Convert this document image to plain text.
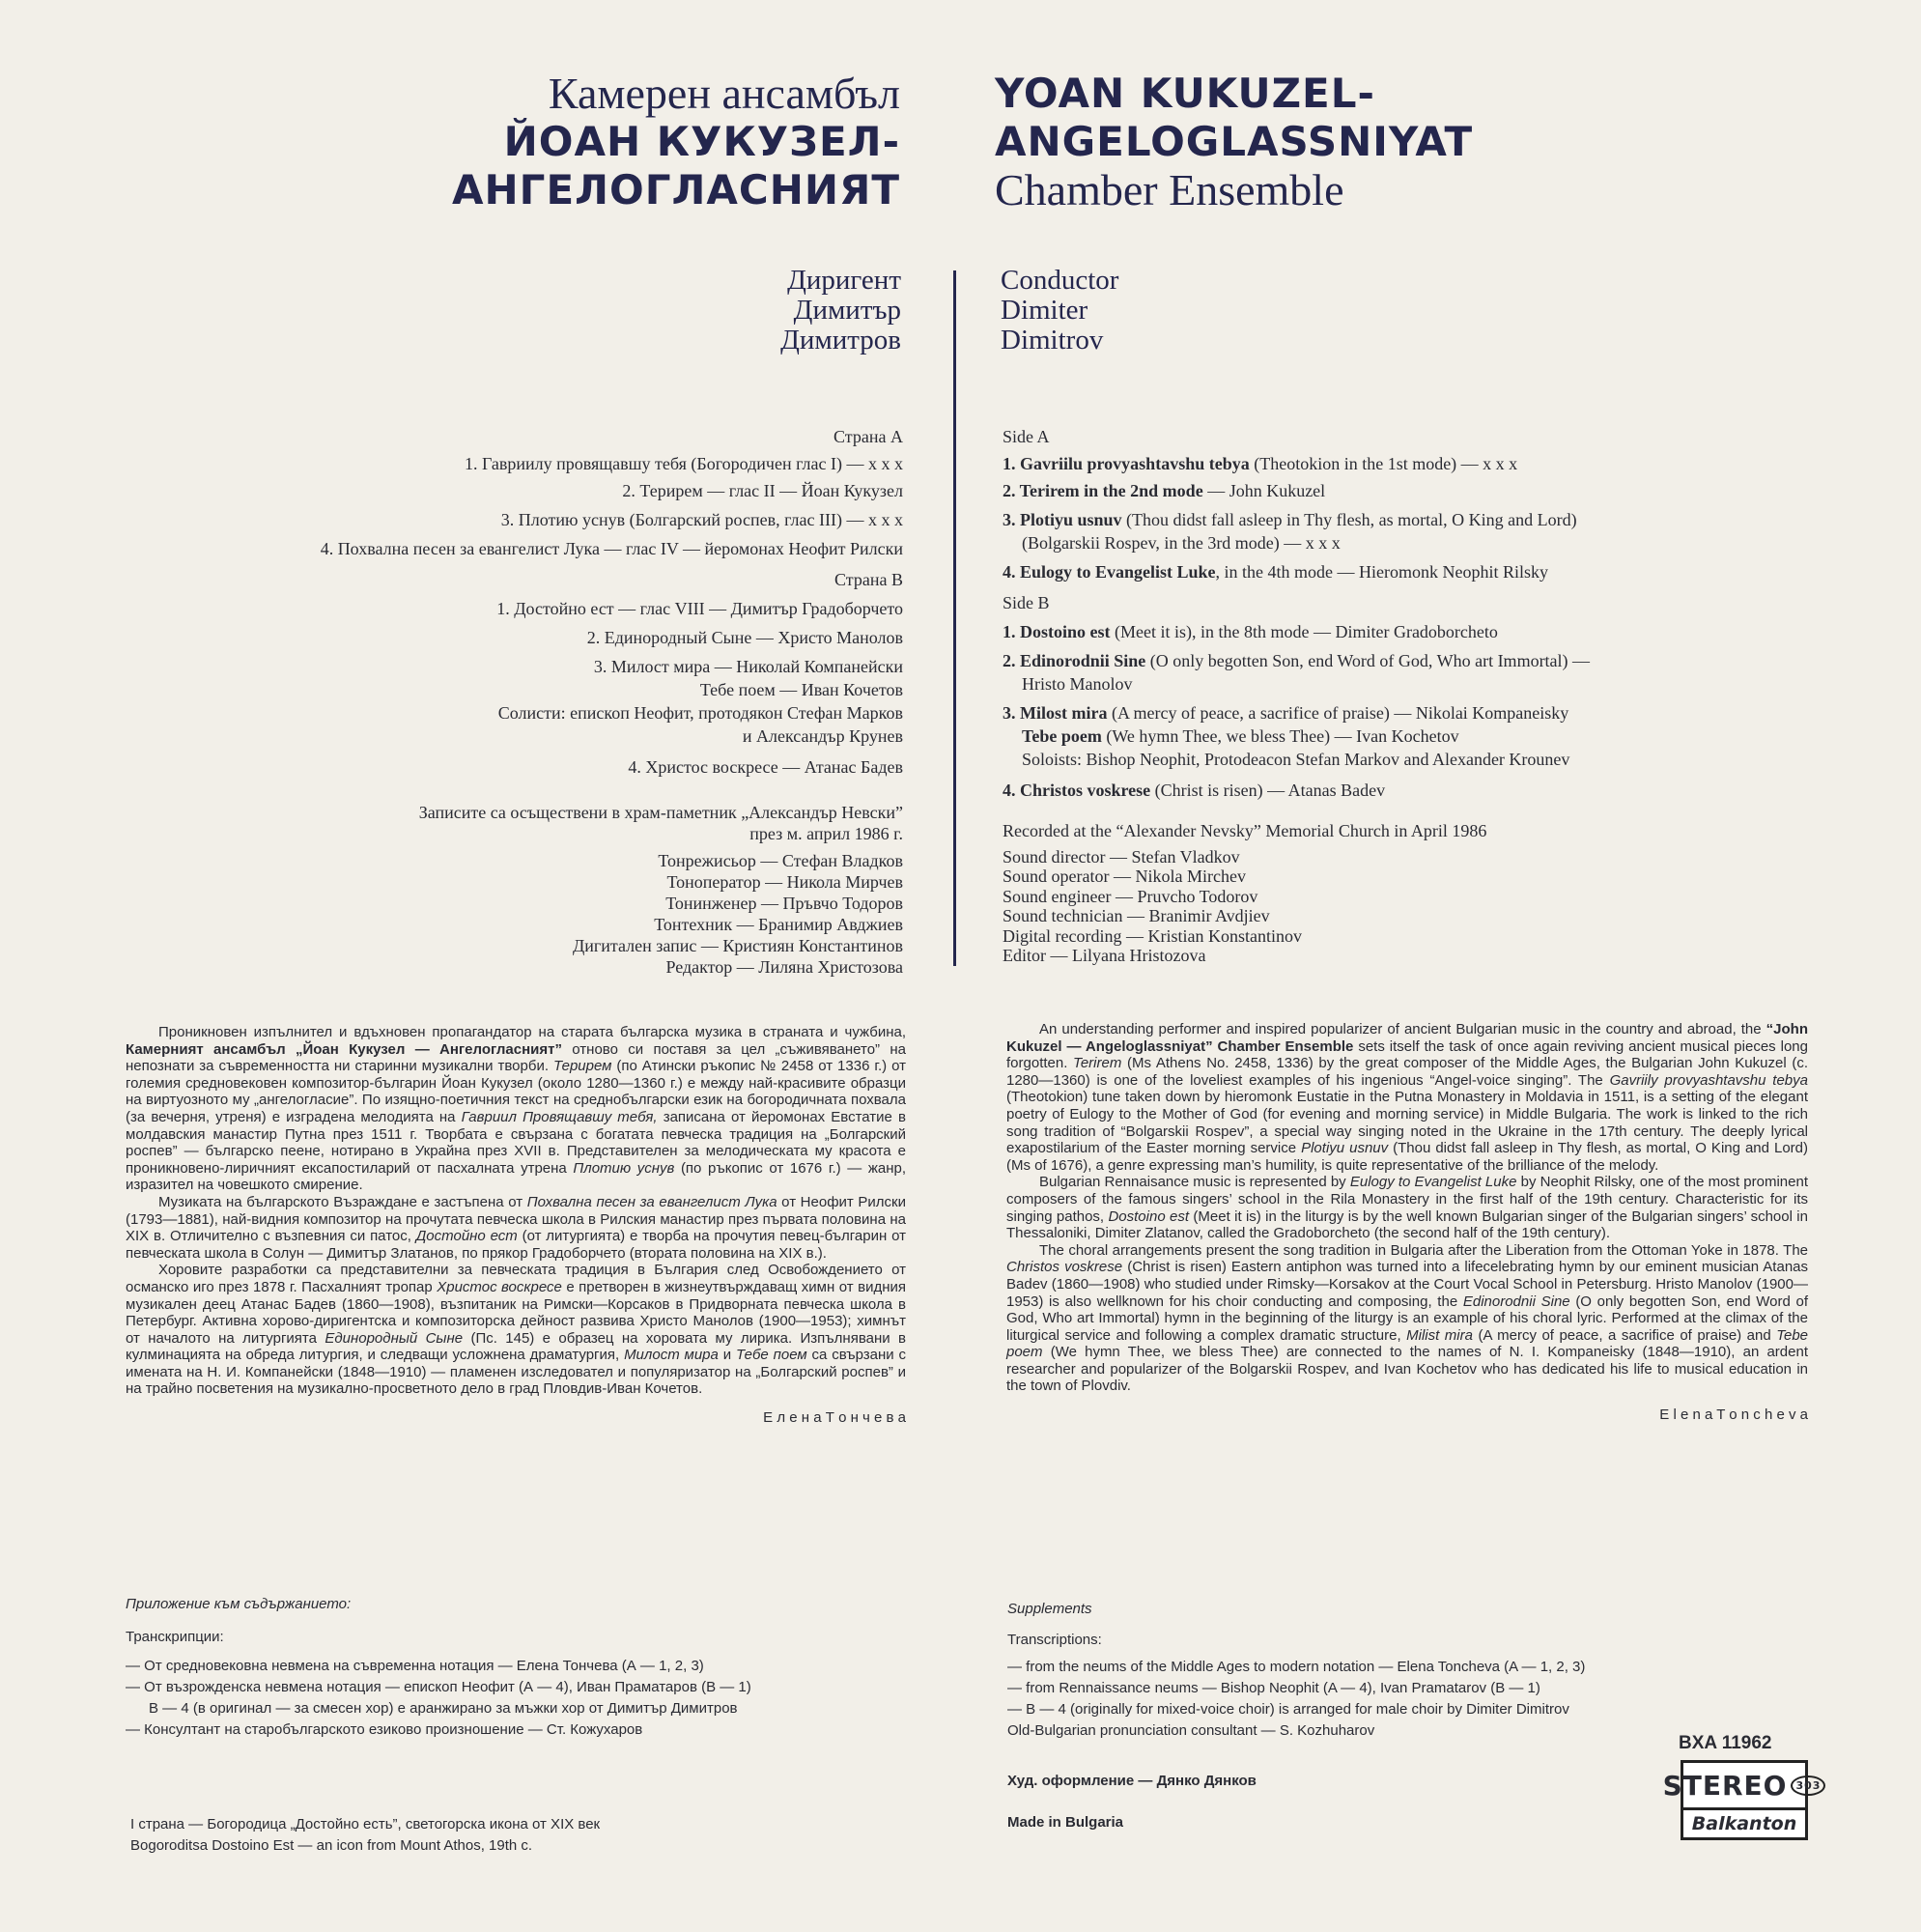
Камерен ансамбъл
ЙОАН КУКУЗЕЛ-
АНГЕЛОГЛАСНИЯТ
YOAN KUKUZEL-
ANGELOGLASSNIYAT
Chamber Ensemble
Диригент
Димитър
Димитров
Conductor
Dimiter
Dimitrov
Страна А
1. Гавриилу провящавшу тебя (Богородичен глас I) — x x x
2. Терирем — глас II — Йоан Кукузел
3. Плотию уснув (Болгарский роспев, глас III) — x x x
4. Похвална песен за евангелист Лука — глас IV — йеромонах Неофит Рилски
Страна В
1. Достойно ест — глас VIII — Димитър Градоборчето
2. Единородный Сыне — Христо Манолов
3. Милост мира — Николай Компанейски
Тебе поем — Иван Кочетов
Солисти: епископ Неофит, протодякон Стефан Марков
и Александър Крунев
4. Христос воскресе — Атанас Бадев
Записите са осъществени в храм-паметник „Александър Невски”
през м. април 1986 г.
Тонрежисьор — Стефан Владков
Тоноператор — Никола Мирчев
Тонинженер — Пръвчо Тодоров
Тонтехник — Бранимир Авджиев
Дигитален запис — Кристиян Константинов
Редактор — Лиляна Христозова
Side A
1. Gavriilu provyashtavshu tebya (Theotokion in the 1st mode) — x x x
2. Terirem in the 2nd mode — John Kukuzel
3. Plotiyu usnuv (Thou didst fall asleep in Thy flesh, as mortal, O King and Lord)
(Bolgarskii Rospev, in the 3rd mode) — x x x
4. Eulogy to Evangelist Luke, in the 4th mode — Hieromonk Neophit Rilsky
Side B
1. Dostoino est (Meet it is), in the 8th mode — Dimiter Gradoborcheto
2. Edinorodnii Sine (O only begotten Son, end Word of God, Who art Immortal) —
Hristo Manolov
3. Milost mira (A mercy of peace, a sacrifice of praise) — Nikolai Kompaneisky
Tebe poem (We hymn Thee, we bless Thee) — Ivan Kochetov
Soloists: Bishop Neophit, Protodeacon Stefan Markov and Alexander Krounev
4. Christos voskrese (Christ is risen) — Atanas Badev
Recorded at the “Alexander Nevsky” Memorial Church in April 1986
Sound director — Stefan Vladkov
Sound operator — Nikola Mirchev
Sound engineer — Pruvcho Todorov
Sound technician — Branimir Avdjiev
Digital recording — Kristian Konstantinov
Editor — Lilyana Hristozova

Проникновен изпълнител и вдъхновен пропагандатор на старата българска музика в страната и чужбина, Камерният ансамбъл „Йоан Кукузел — Ангелогласният” отново си поставя за цел „съживяването” на непознати за съвременността ни старинни музикални творби. Терирем (по Атински ръкопис № 2458 от 1336 г.) от големия средновековен композитор-българин Йоан Кукузел (около 1280—1360 г.) е между най-красивите образци на виртуозното му „ангелогласие”. По изящно-поетичния текст на среднобългарски език на богородичната похвала (за вечерня, утреня) е изградена мелодията на Гавриил Провящавшу тебя, записана от йеромонах Евстатие в молдавския манастир Путна през 1511 г. Творбата е свързана с богатата певческа традиция на „Болгарский роспев” — българско пеене, нотирано в Украйна през XVII в. Представителен за мелодическата му красота е проникновено-лиричният ексапостиларий от пасхалната утрена Плотию уснув (по ръкопис от 1676 г.) — жанр, изразител на човешкото смирение.

Музиката на българското Възраждане е застъпена от Похвална песен за евангелист Лука от Неофит Рилски (1793—1881), най-видния композитор на прочутата певческа школа в Рилския манастир през първата половина на XIX в. Отличително с възпевния си патос, Достойно ест (от литургията) е творба на прочутия певец-българин от певческата школа в Солун — Димитър Златанов, по прякор Градоборчето (втората половина на XIX в.).

Хоровите разработки са представителни за певческата традиция в България след Освобождението от османско иго през 1878 г. Пасхалният тропар Христос воскресе е претворен в жизнеутвърждаващ химн от видния музикален деец Атанас Бадев (1860—1908), възпитаник на Римски—Корсаков в Придворната певческа школа в Петербург. Активна хорово-диригентска и композиторска дейност развива Христо Манолов (1900—1953); химнът от началото на литургията Единородный Сыне (Пс. 145) е образец на хоровата му лирика. Изпълнявани в кулминацията на обреда литургия, и следващи усложнена драматургия, Милост мира и Тебе поем са свързани с имената на Н. И. Компанейски (1848—1910) — пламенен изследовател и популяризатор на „Болгарский роспев” и на трайно посветения на музикално-просветното дело в град Пловдив-Иван Кочетов.

Е л е н а Т о н ч е в а

An understanding performer and inspired popularizer of ancient Bulgarian music in the country and abroad, the “John Kukuzel — Angeloglassniyat” Chamber Ensemble sets itself the task of once again reviving ancient musical pieces long forgotten. Terirem (Ms Athens No. 2458, 1336) by the great composer of the Middle Ages, the Bulgarian John Kukuzel (c. 1280—1360) is one of the loveliest examples of his ingenious “Angel-voice singing”. The Gavriily provyashtavshu tebya (Theotokion) tune taken down by hieromonk Eustatie in the Putna Monastery in Moldavia in 1511, is a setting of the elegant poetry of Eulogy to the Mother of God (for evening and morning service) in Middle Bulgaria. The work is linked to the rich song tradition of “Bolgarskii Rospev”, a special way singing noted in the Ukraine in the 17th century. The deeply lyrical exapostilarium of the Easter morning service Plotiyu usnuv (Thou didst fall asleep in Thy flesh, as mortal, O King and Lord) (Ms of 1676), a genre expressing man’s humility, is quite representative of the brilliance of the melody.

Bulgarian Rennaisance music is represented by Eulogy to Evangelist Luke by Neophit Rilsky, one of the most prominent composers of the famous singers’ school in the Rila Monastery in the first half of the 19th century. Characteristic for its singing pathos, Dostoino est (Meet it is) in the liturgy is by the well known Bulgarian singer of the Bulgarian singers’ school in Thessaloniki, Dimiter Zlatanov, called the Gradoborcheto (the second half of the 19th century).

The choral arrangements present the song tradition in Bulgaria after the Liberation from the Ottoman Yoke in 1878. The Christos voskrese (Christ is risen) Eastern antiphon was turned into a lifecelebrating hymn by our eminent musician Atanas Badev (1860—1908) who studied under Rimsky—Korsakov at the Court Vocal School in Petersburg. Hristo Manolov (1900—1953) is also wellknown for his choir conducting and composing, the Edinorodnii Sine (O only begotten Son, end Word of God, Who art Immortal) hymn in the beginning of the liturgy is an example of his choral lyric. Performed at the climax of the liturgical service and following a complex dramatic structure, Milist mira (A mercy of peace, a sacrifice of praise) and Tebe poem (We hymn Thee, we bless Thee) are connected to the names of N. I. Kompaneisky (1848—1910), an ardent researcher and popularizer of the Bolgarskii Rospev, and Ivan Kochetov who has dedicated his life to musical education in the town of Plovdiv.

E l e n a T o n c h e v a
Приложение към съдържанието:
Транскрипции:
— От средновековна невмена на съвременна нотация — Елена Тончева (А — 1, 2, 3)
— От възрожденска невмена нотация — епископ Неофит (А — 4), Иван Праматаров (В — 1)
В — 4 (в оригинал — за смесен хор) е аранжирано за мъжки хор от Димитър Димитров
— Консултант на старобългарското езиково произношение — Ст. Кожухаров
Supplements
Transcriptions:
— from the neums of the Middle Ages to modern notation — Elena Toncheva (A — 1, 2, 3)
— from Rennaissance neums — Bishop Neophit (A — 4), Ivan Pramatarov (B — 1)
— B — 4 (originally for mixed-voice choir) is arranged for male choir by Dimiter Dimitrov
Old-Bulgarian pronunciation consultant — S. Kozhuharov
I страна — Богородица „Достойно есть”, светогорска икона от XIX век
Bogoroditsa Dostoino Est — an icon from Mount Athos, 19th c.
Худ. оформление — Дянко Дянков
Made in Bulgaria
BXA 11962
STEREO 303
Balkanton
